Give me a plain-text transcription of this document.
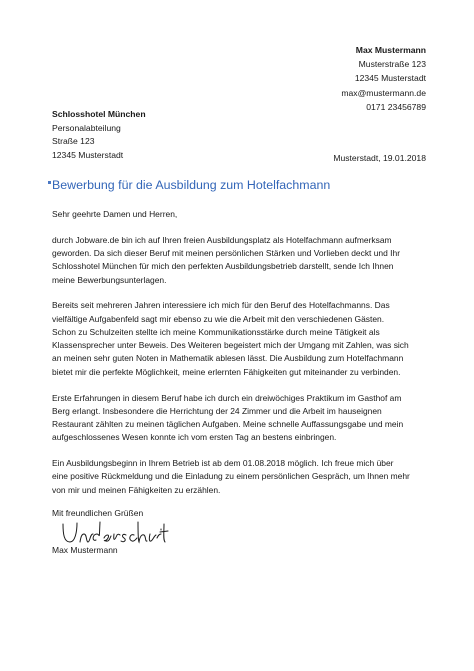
Max Mustermann
Musterstraße 123
12345 Musterstadt
max@mustermann.de
0171 23456789
Schlosshotel München
Personalabteilung
Straße 123
12345 Musterstadt	Musterstadt, 19.01.2018
Bewerbung für die Ausbildung zum Hotelfachmann

Sehr geehrte Damen und Herren,

durch Jobware.de bin ich auf Ihren freien Ausbildungsplatz als Hotelfachmann aufmerksam
geworden. Da sich dieser Beruf mit meinen persönlichen Stärken und Vorlieben deckt und Ihr
Schlosshotel München für mich den perfekten Ausbildungsbetrieb darstellt, sende Ich Ihnen
meine Bewerbungsunterlagen.

Bereits seit mehreren Jahren interessiere ich mich für den Beruf des Hotelfachmanns. Das
vielfältige Aufgabenfeld sagt mir ebenso zu wie die Arbeit mit den verschiedenen Gästen.
Schon zu Schulzeiten stellte ich meine Kommunikationsstärke durch meine Tätigkeit als
Klassensprecher unter Beweis. Des Weiteren begeistert mich der Umgang mit Zahlen, was sich
an meinen sehr guten Noten in Mathematik ablesen lässt. Die Ausbildung zum Hotelfachmann
bietet mir die perfekte Möglichkeit, meine erlernten Fähigkeiten gut miteinander zu verbinden.

Erste Erfahrungen in diesem Beruf habe ich durch ein dreiwöchiges Praktikum im Gasthof am
Berg erlangt. Insbesondere die Herrichtung der 24 Zimmer und die Arbeit im hauseignen
Restaurant zählten zu meinen täglichen Aufgaben. Meine schnelle Auffassungsgabe und mein
aufgeschlossenes Wesen konnte ich vom ersten Tag an bestens einbringen.

Ein Ausbildungsbeginn in Ihrem Betrieb ist ab dem 01.08.2018 möglich. Ich freue mich über
eine positive Rückmeldung und die Einladung zu einem persönlichen Gespräch, um Ihnen mehr
von mir und meinen Fähigkeiten zu erzählen.

Mit freundlichen Grüßen
Max Mustermann
